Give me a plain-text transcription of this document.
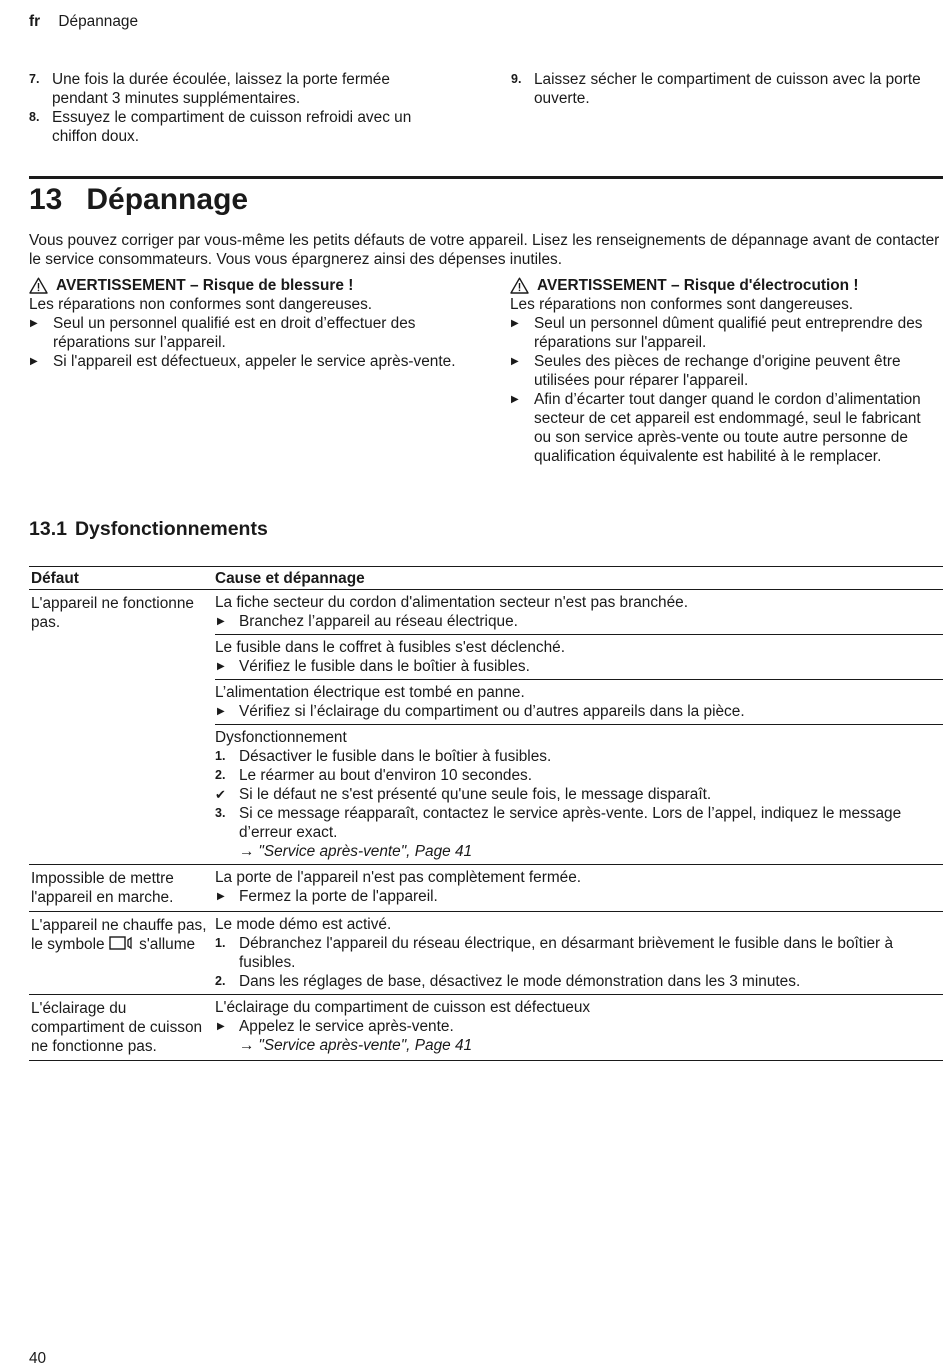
fr Dépannage
7. Une fois la durée écoulée, laissez la porte fermée pendant 3 minutes supplémentaires.
8. Essuyez le compartiment de cuisson refroidi avec un chiffon doux.
9. Laissez sécher le compartiment de cuisson avec la porte ouverte.
13 Dépannage
Vous pouvez corriger par vous-même les petits défauts de votre appareil. Lisez les renseignements de dépannage avant de contacter le service consommateurs. Vous vous épargnerez ainsi des dépenses inutiles.
AVERTISSEMENT – Risque de blessure !
Les réparations non conformes sont dangereuses.
▶ Seul un personnel qualifié est en droit d’effectuer des réparations sur l’appareil.
▶ Si l'appareil est défectueux, appeler le service après-vente.
AVERTISSEMENT – Risque d'électrocution !
Les réparations non conformes sont dangereuses.
▶ Seul un personnel dûment qualifié peut entreprendre des réparations sur l'appareil.
▶ Seules des pièces de rechange d'origine peuvent être utilisées pour réparer l'appareil.
▶ Afin d’écarter tout danger quand le cordon d’alimentation secteur de cet appareil est endommagé, seul le fabricant ou son service après-vente ou toute autre personne de qualification équivalente est habilité à le remplacer.
13.1 Dysfonctionnements
Défaut	Cause et dépannage
L'appareil ne fonctionne pas.
La fiche secteur du cordon d'alimentation secteur n'est pas branchée.
▶ Branchez l’appareil au réseau électrique.
Le fusible dans le coffret à fusibles s'est déclenché.
▶ Vérifiez le fusible dans le boîtier à fusibles.
L’alimentation électrique est tombé en panne.
▶ Vérifiez si l’éclairage du compartiment ou d’autres appareils dans la pièce.
Dysfonctionnement
1. Désactiver le fusible dans le boîtier à fusibles.
2. Le réarmer au bout d'environ 10 secondes.
✔ Si le défaut ne s'est présenté qu'une seule fois, le message disparaît.
3. Si ce message réapparaît, contactez le service après-vente. Lors de l’appel, indiquez le message d’erreur exact.
→ "Service après-vente", Page 41
Impossible de mettre l'appareil en marche.
La porte de l'appareil n'est pas complètement fermée.
▶ Fermez la porte de l'appareil.
L'appareil ne chauffe pas, le symbole s'allume
Le mode démo est activé.
1. Débranchez l'appareil du réseau électrique, en désarmant brièvement le fusible dans le boîtier à fusibles.
2. Dans les réglages de base, désactivez le mode démonstration dans les 3 minutes.
L'éclairage du compartiment de cuisson ne fonctionne pas.
L'éclairage du compartiment de cuisson est défectueux
▶ Appelez le service après-vente.
→ "Service après-vente", Page 41
40
